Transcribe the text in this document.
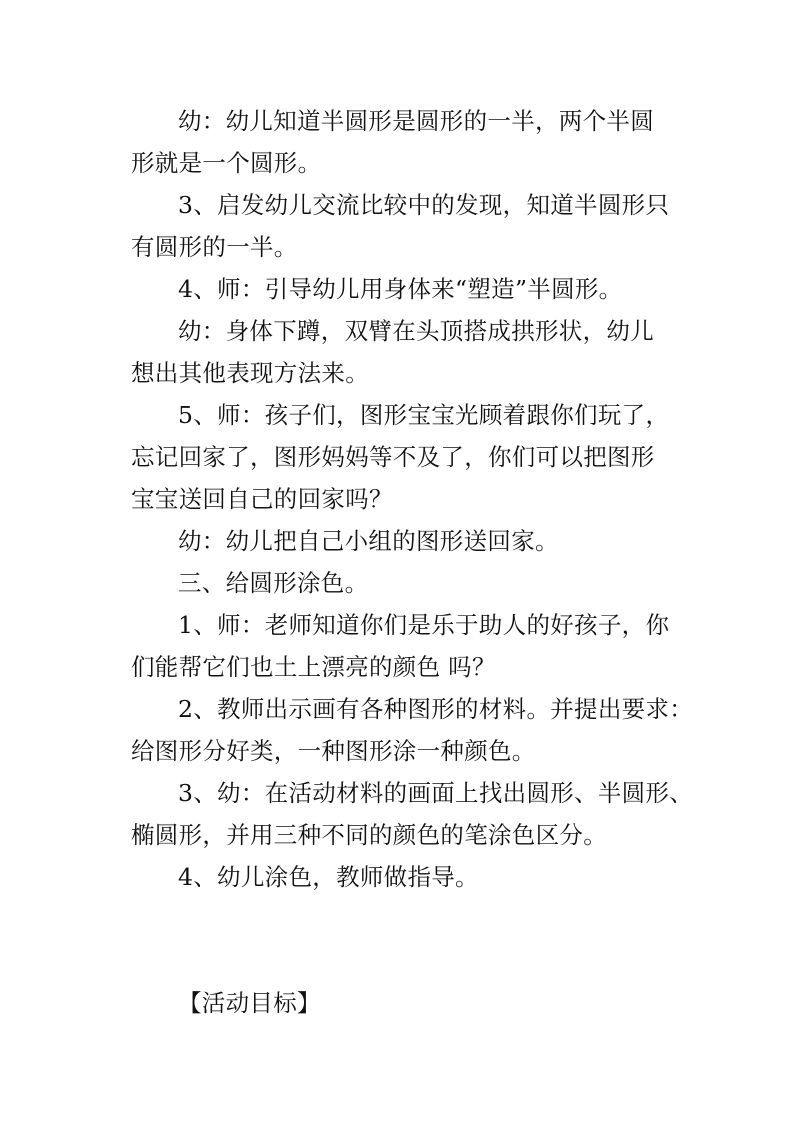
幼：幼儿知道半圆形是圆形的一半，两个半圆
形就是一个圆形。
3、启发幼儿交流比较中的发现，知道半圆形只
有圆形的一半。
4、师：引导幼儿用身体来“塑造”半圆形。
幼：身体下蹲，双臂在头顶搭成拱形状，幼儿
想出其他表现方法来。
5、师：孩子们，图形宝宝光顾着跟你们玩了，
忘记回家了，图形妈妈等不及了，你们可以把图形
宝宝送回自己的回家吗？
幼：幼儿把自己小组的图形送回家。
三、给圆形涂色。
1、师：老师知道你们是乐于助人的好孩子，你
们能帮它们也土上漂亮的颜色 吗？
2、教师出示画有各种图形的材料。并提出要求：
给图形分好类，一种图形涂一种颜色。
3、幼：在活动材料的画面上找出圆形、半圆形、
椭圆形，并用三种不同的颜色的笔涂色区分。
4、幼儿涂色，教师做指导。
【活动目标】
